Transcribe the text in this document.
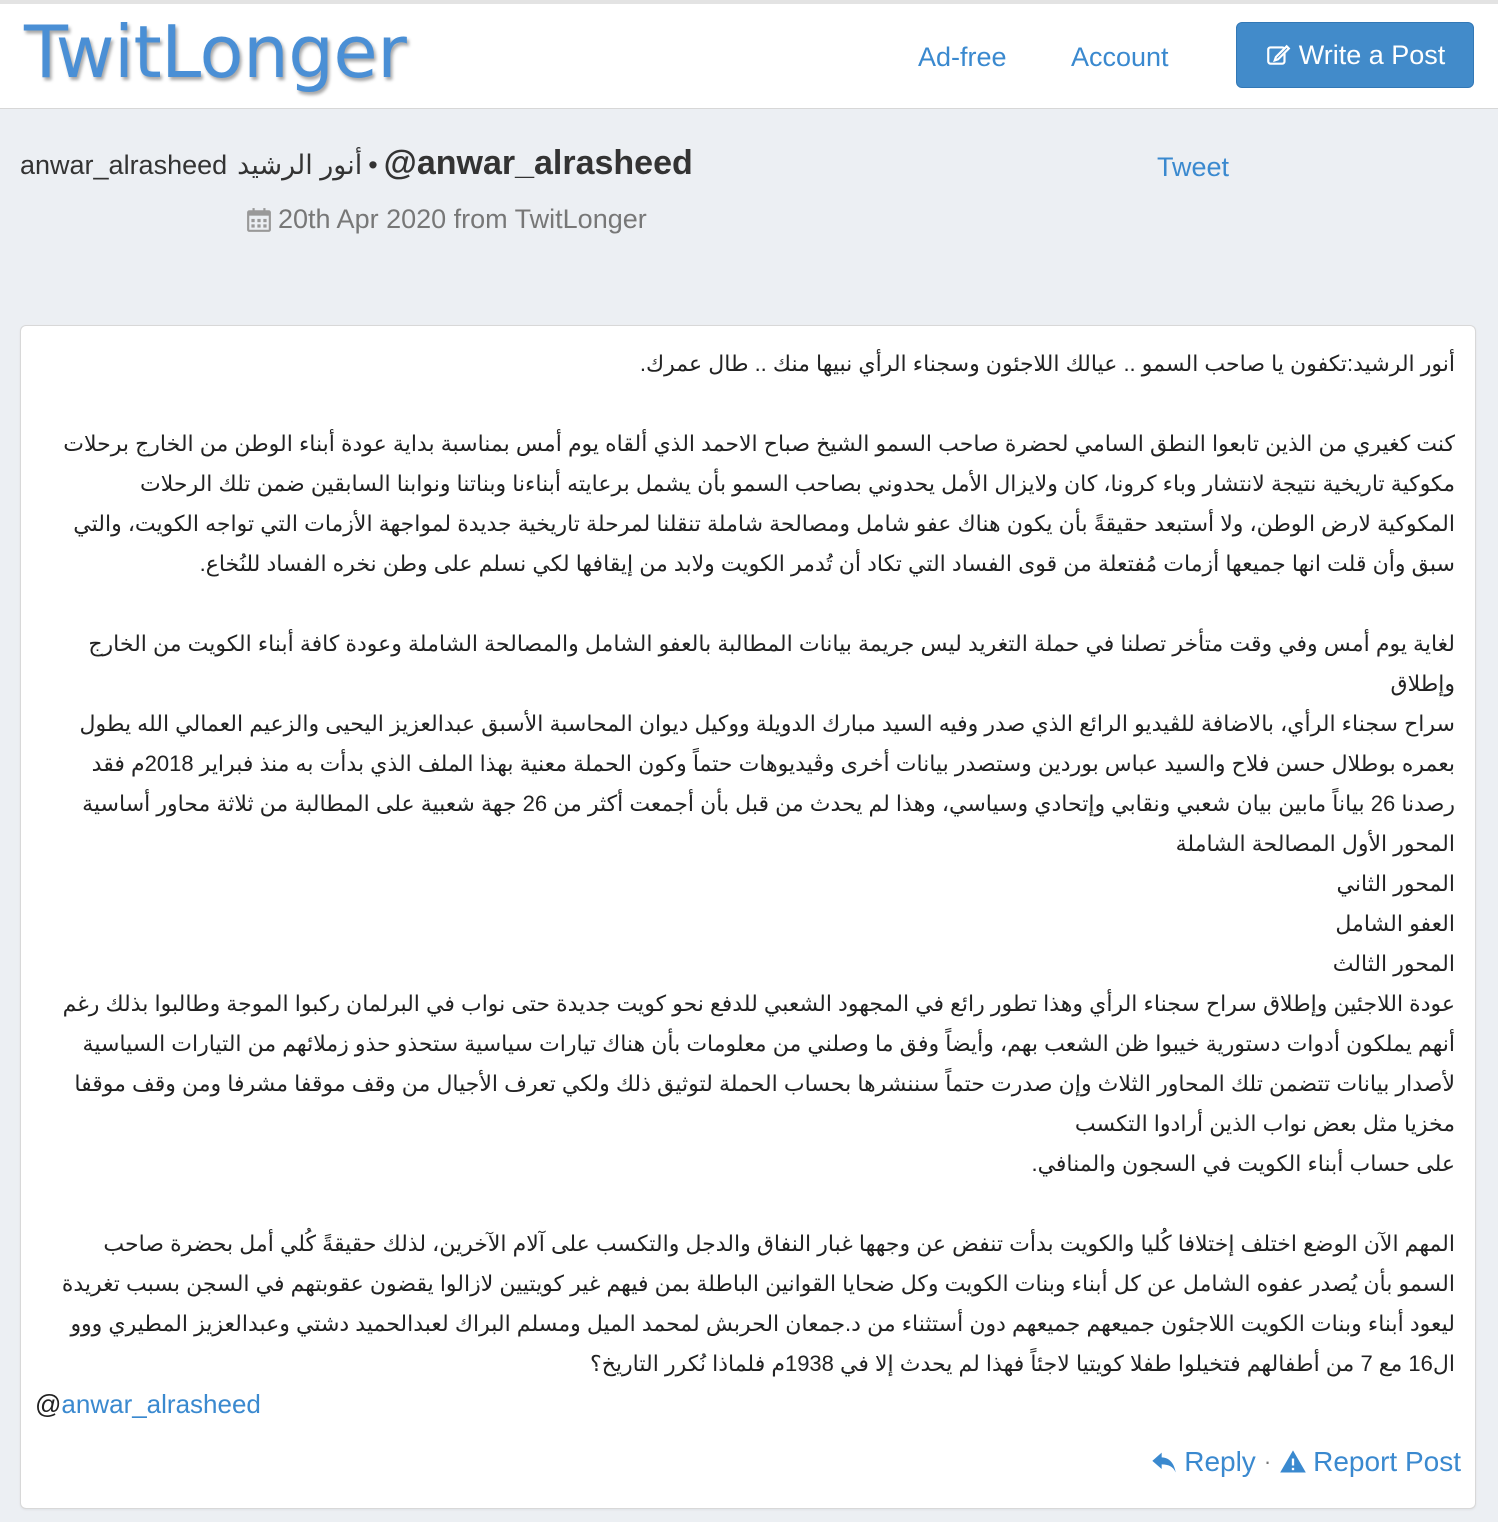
TwitLonger	Ad-free Account	Write a Post
anwar_alrasheed أنور الرشيد • @anwar_alrasheed	Tweet
20th Apr 2020 from TwitLonger
أنور الرشيد:تكفون يا صاحب السمو .. عيالك اللاجئون وسجناء الرأي نبيها منك .. طال عمرك.
كنت كغيري من الذين تابعوا النطق السامي لحضرة صاحب السمو الشيخ صباح الاحمد الذي ألقاه يوم أمس بمناسبة بداية عودة أبناء الوطن من الخارج برحلات
مكوكية تاريخية نتيجة لانتشار وباء كرونا، كان ولايزال الأمل يحدوني بصاحب السمو بأن يشمل برعايته أبناءنا وبناتنا ونوابنا السابقين ضمن تلك الرحلات
المكوكية لارض الوطن، ولا أستبعد حقيقةً بأن يكون هناك عفو شامل ومصالحة شاملة تنقلنا لمرحلة تاريخية جديدة لمواجهة الأزمات التي تواجه الكويت، والتي
سبق وأن قلت انها جميعها أزمات مُفتعلة من قوى الفساد التي تكاد أن تُدمر الكويت ولابد من إيقافها لكي نسلم على وطن نخره الفساد للنُخاع.
لغاية يوم أمس وفي وقت متأخر تصلنا في حملة التغريد ليس جريمة بيانات المطالبة بالعفو الشامل والمصالحة الشاملة وعودة كافة أبناء الكويت من الخارج وإطلاق
سراح سجناء الرأي، بالاضافة للڤيديو الرائع الذي صدر وفيه السيد مبارك الدويلة ووكيل ديوان المحاسبة الأسبق عبدالعزيز اليحيى والزعيم العمالي الله يطول
بعمره بوطلال حسن فلاح والسيد عباس بوردين وستصدر بيانات أخرى وڤيديوهات حتماً وكون الحملة معنية بهذا الملف الذي بدأت به منذ فبراير 2018م فقد
رصدنا 26 بياناً مابين بيان شعبي ونقابي وإتحادي وسياسي، وهذا لم يحدث من قبل بأن أجمعت أكثر من 26 جهة شعبية على المطالبة من ثلاثة محاور أساسية
المحور الأول المصالحة الشاملة
المحور الثاني
العفو الشامل
المحور الثالث
عودة اللاجئين وإطلاق سراح سجناء الرأي وهذا تطور رائع في المجهود الشعبي للدفع نحو كويت جديدة حتى نواب في البرلمان ركبوا الموجة وطالبوا بذلك رغم
أنهم يملكون أدوات دستورية خيبوا ظن الشعب بهم، وأيضاً وفق ما وصلني من معلومات بأن هناك تيارات سياسية ستحذو حذو زملائهم من التيارات السياسية
لأصدار بيانات تتضمن تلك المحاور الثلاث وإن صدرت حتماً سننشرها بحساب الحملة لتوثيق ذلك ولكي تعرف الأجيال من وقف موقفا مشرفا ومن وقف موقفا
مخزيا مثل بعض نواب الذين أرادوا التكسب
على حساب أبناء الكويت في السجون والمنافي.
المهم الآن الوضع اختلف إختلافا كُليا والكويت بدأت تنفض عن وجهها غبار النفاق والدجل والتكسب على آلام الآخرين، لذلك حقيقةً كُلي أمل بحضرة صاحب
السمو بأن يُصدر عفوه الشامل عن كل أبناء وبنات الكويت وكل ضحايا القوانين الباطلة بمن فيهم غير كويتيين لازالوا يقضون عقوبتهم في السجن بسبب تغريدة
ليعود أبناء وبنات الكويت اللاجئون جميعهم جميعهم دون أستثناء من د.جمعان الحربش لمحمد الميل ومسلم البراك لعبدالحميد دشتي وعبدالعزيز المطيري ووو
ال16 مع 7 من أطفالهم فتخيلوا طفلا كويتيا لاجئاً فهذا لم يحدث إلا في 1938م فلماذا نُكرر التاريخ؟
@anwar_alrasheed
Reply · Report Post
